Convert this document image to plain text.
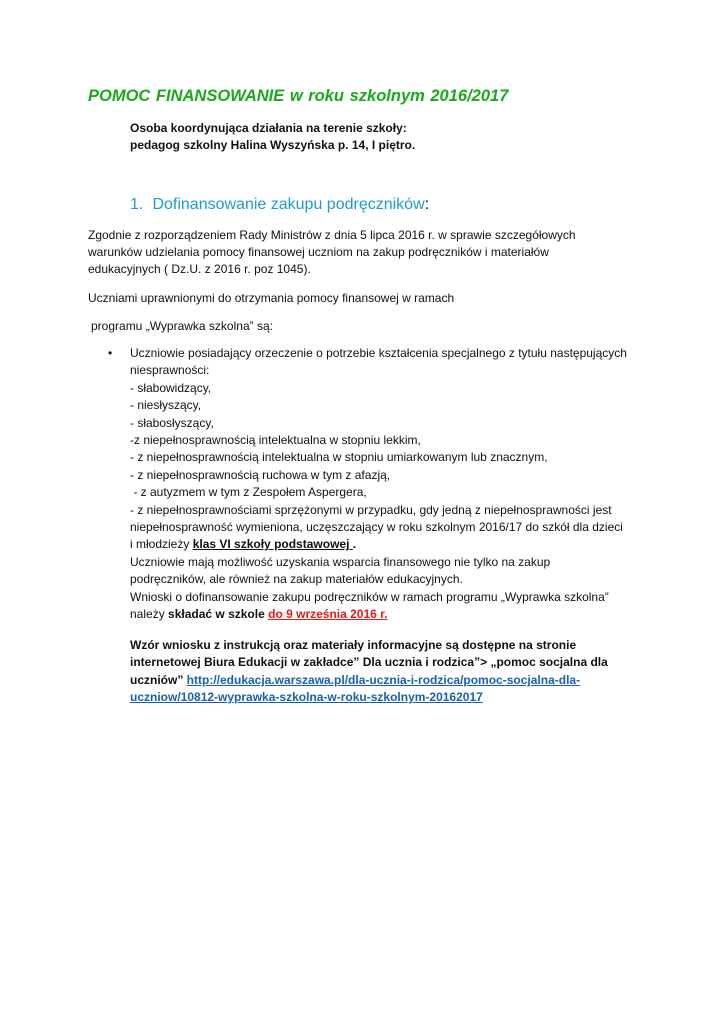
POMOC FINANSOWANIE w roku szkolnym 2016/2017
Osoba koordynująca działania na terenie szkoły:
pedagog szkolny Halina Wyszyńska p. 14, I piętro.
1. Dofinansowanie zakupu podręczników:
Zgodnie z rozporządzeniem Rady Ministrów z dnia 5 lipca 2016 r. w sprawie szczegółowych
warunków udzielania pomocy finansowej uczniom na zakup podręczników i materiałów
edukacyjnych ( Dz.U. z 2016 r. poz 1045).
Uczniami uprawnionymi do otrzymania pomocy finansowej w ramach
programu „Wyprawka szkolna” są:
•	Uczniowie posiadający orzeczenie o potrzebie kształcenia specjalnego z tytułu następujących
niesprawności:
- słabowidzący,
- niesłyszący,
- słabosłyszący,
-z niepełnosprawnością intelektualna w stopniu lekkim,
- z niepełnosprawnością intelektualna w stopniu umiarkowanym lub znacznym,
- z niepełnosprawnością ruchowa w tym z afazją,
- z autyzmem w tym z Zespołem Aspergera,
- z niepełnosprawnościami sprzężonymi w przypadku, gdy jedną z niepełnosprawności jest
niepełnosprawność wymieniona, uczęszczający w roku szkolnym 2016/17 do szkół dla dzieci
i młodzieży klas VI szkoły podstawowej .
Uczniowie mają możliwość uzyskania wsparcia finansowego nie tylko na zakup
podręczników, ale również na zakup materiałów edukacyjnych.
Wnioski o dofinansowanie zakupu podręczników w ramach programu „Wyprawka szkolna”
należy składać w szkole do 9 września 2016 r.
Wzór wniosku z instrukcją oraz materiały informacyjne są dostępne na stronie
internetowej Biura Edukacji w zakładce” Dla ucznia i rodzica”> „pomoc socjalna dla
uczniów” http://edukacja.warszawa.pl/dla-ucznia-i-rodzica/pomoc-socjalna-dla-
uczniow/10812-wyprawka-szkolna-w-roku-szkolnym-20162017
